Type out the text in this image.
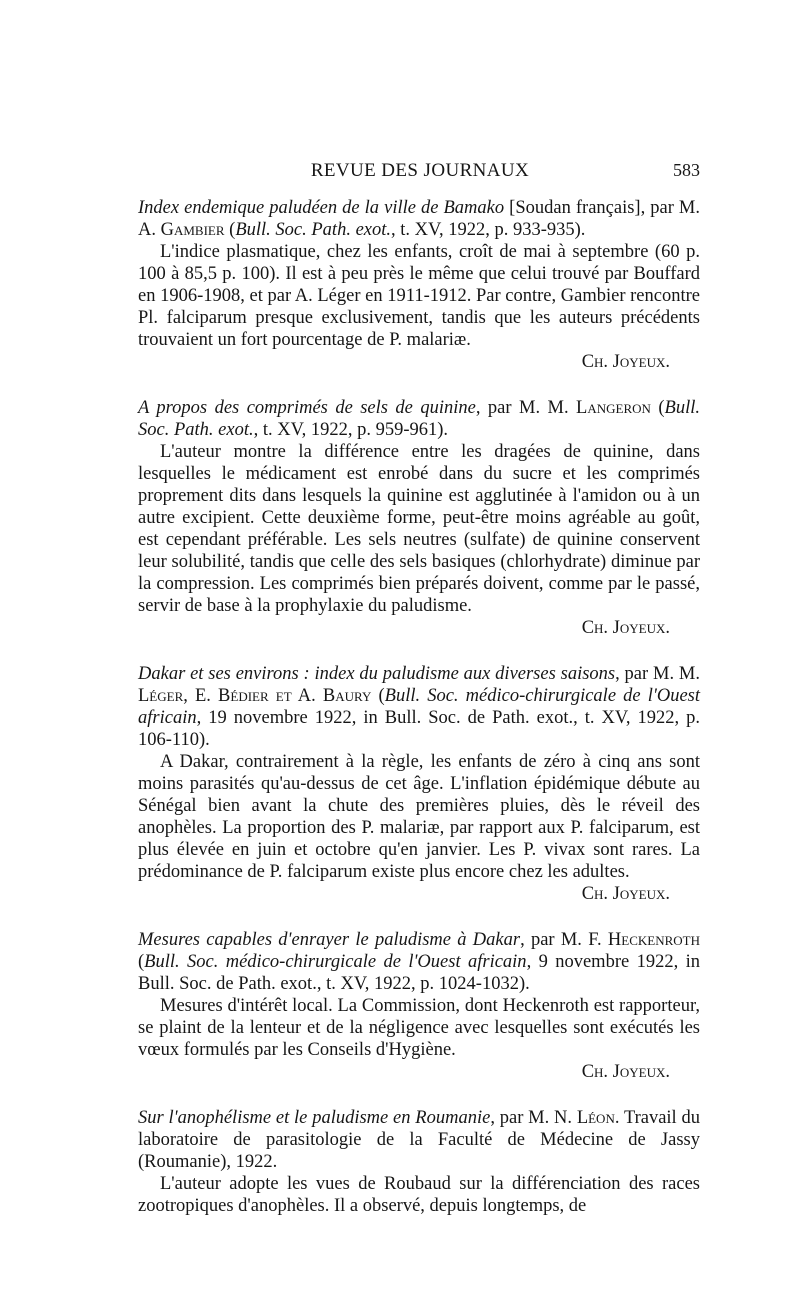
REVUE DES JOURNAUX	583
Index endemique paludéen de la ville de Bamako [Soudan français], par M. A. Gambier (Bull. Soc. Path. exot., t. XV, 1922, p. 933-935).
L'indice plasmatique, chez les enfants, croît de mai à septembre (60 p. 100 à 85,5 p. 100). Il est à peu près le même que celui trouvé par Bouffard en 1906-1908, et par A. Léger en 1911-1912. Par contre, Gambier rencontre Pl. falciparum presque exclusivement, tandis que les auteurs précédents trouvaient un fort pourcentage de P. malariæ.
Ch. Joyeux.
A propos des comprimés de sels de quinine, par M. M. Langeron (Bull. Soc. Path. exot., t. XV, 1922, p. 959-961).
L'auteur montre la différence entre les dragées de quinine, dans lesquelles le médicament est enrobé dans du sucre et les comprimés proprement dits dans lesquels la quinine est agglutinée à l'amidon ou à un autre excipient. Cette deuxième forme, peut-être moins agréable au goût, est cependant préférable. Les sels neutres (sulfate) de quinine conservent leur solubilité, tandis que celle des sels basiques (chlorhydrate) diminue par la compression. Les comprimés bien préparés doivent, comme par le passé, servir de base à la prophylaxie du paludisme.
Ch. Joyeux.
Dakar et ses environs : index du paludisme aux diverses saisons, par M. M. Léger, E. Bédier et A. Baury (Bull. Soc. médico-chirurgicale de l'Ouest africain, 19 novembre 1922, in Bull. Soc. de Path. exot., t. XV, 1922, p. 106-110).
A Dakar, contrairement à la règle, les enfants de zéro à cinq ans sont moins parasités qu'au-dessus de cet âge. L'inflation épidémique débute au Sénégal bien avant la chute des premières pluies, dès le réveil des anophèles. La proportion des P. malariæ, par rapport aux P. falciparum, est plus élevée en juin et octobre qu'en janvier. Les P. vivax sont rares. La prédominance de P. falciparum existe plus encore chez les adultes.
Ch. Joyeux.
Mesures capables d'enrayer le paludisme à Dakar, par M. F. Heckenroth (Bull. Soc. médico-chirurgicale de l'Ouest africain, 9 novembre 1922, in Bull. Soc. de Path. exot., t. XV, 1922, p. 1024-1032).
Mesures d'intérêt local. La Commission, dont Heckenroth est rapporteur, se plaint de la lenteur et de la négligence avec lesquelles sont exécutés les vœux formulés par les Conseils d'Hygiène.
Ch. Joyeux.
Sur l'anophélisme et le paludisme en Roumanie, par M. N. Léon. Travail du laboratoire de parasitologie de la Faculté de Médecine de Jassy (Roumanie), 1922.
L'auteur adopte les vues de Roubaud sur la différenciation des races zootropiques d'anophèles. Il a observé, depuis longtemps, de
